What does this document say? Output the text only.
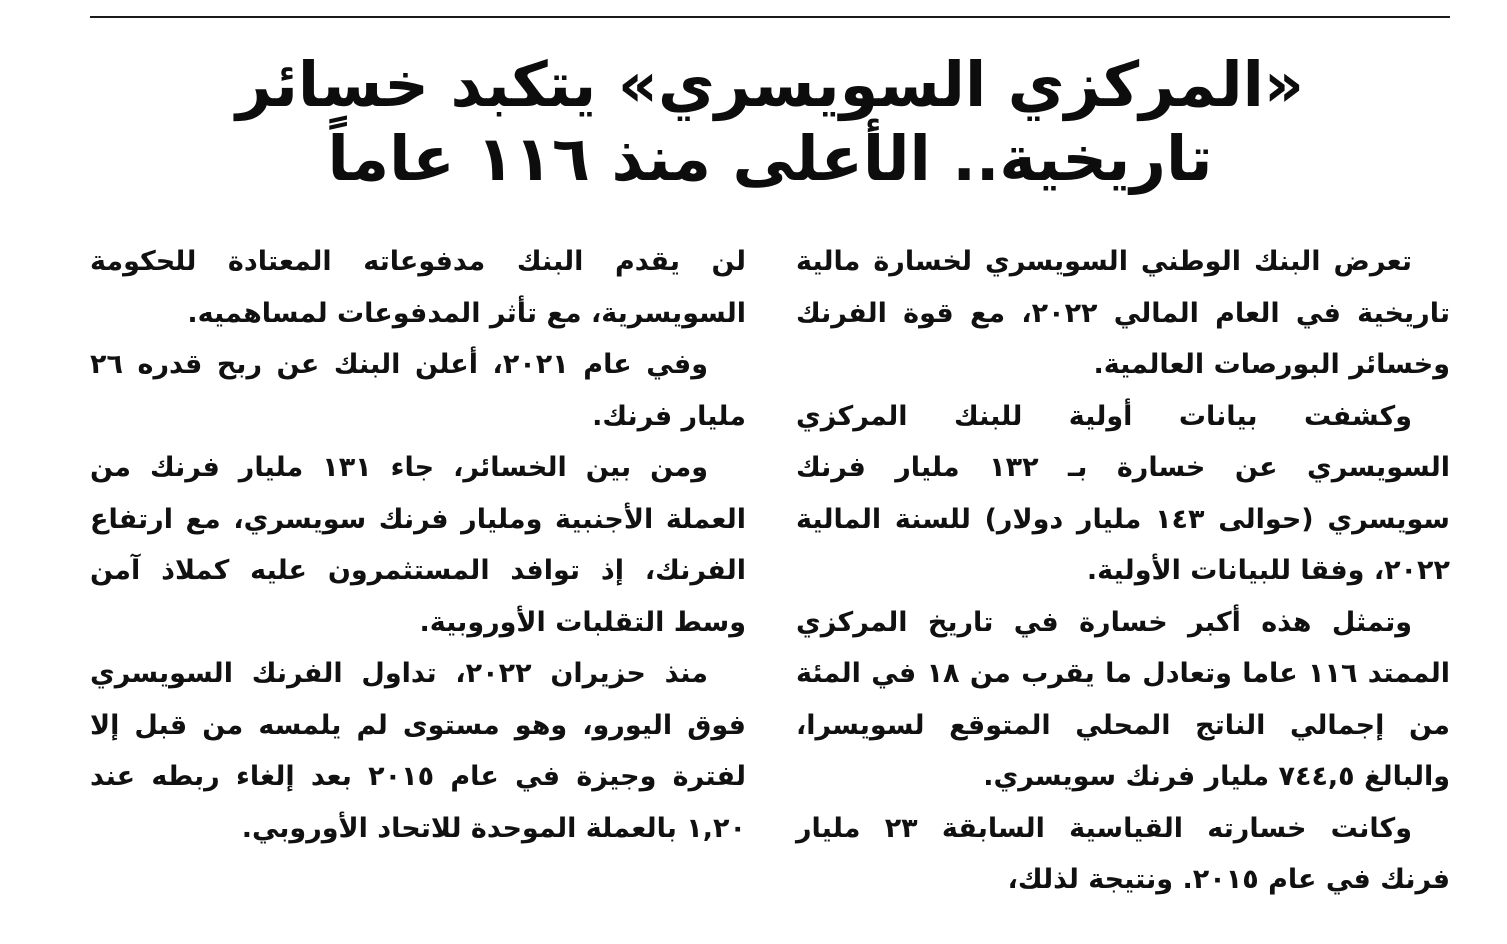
«المركزي السويسري» يتكبد خسائر
تاريخية.. الأعلى منذ ١١٦ عاماً

تعرض البنك الوطني السويسري لخسارة مالية تاريخية في العام المالي ٢٠٢٢، مع قوة الفرنك وخسائر البورصات العالمية.

وكشفت بيانات أولية للبنك المركزي السويسري عن خسارة بـ ١٣٢ مليار فرنك سويسري (حوالى ١٤٣ مليار دولار) للسنة المالية ٢٠٢٢، وفقا للبيانات الأولية.

وتمثل هذه أكبر خسارة في تاريخ المركزي الممتد ١١٦ عاما وتعادل ما يقرب من ١٨ في المئة من إجمالي الناتج المحلي المتوقع لسويسرا، والبالغ ٧٤٤,٥ مليار فرنك سويسري.

وكانت خسارته القياسية السابقة ٢٣ مليار فرنك في عام ٢٠١٥. ونتيجة لذلك،

لن يقدم البنك مدفوعاته المعتادة للحكومة السويسرية، مع تأثر المدفوعات لمساهميه.

وفي عام ٢٠٢١، أعلن البنك عن ربح قدره ٢٦ مليار فرنك.

ومن بين الخسائر، جاء ١٣١ مليار فرنك من العملة الأجنبية ومليار فرنك سويسري، مع ارتفاع الفرنك، إذ توافد المستثمرون عليه كملاذ آمن وسط التقلبات الأوروبية.

منذ حزيران ٢٠٢٢، تداول الفرنك السويسري فوق اليورو، وهو مستوى لم يلمسه من قبل إلا لفترة وجيزة في عام ٢٠١٥ بعد إلغاء ربطه عند ١,٢٠ بالعملة الموحدة للاتحاد الأوروبي.
